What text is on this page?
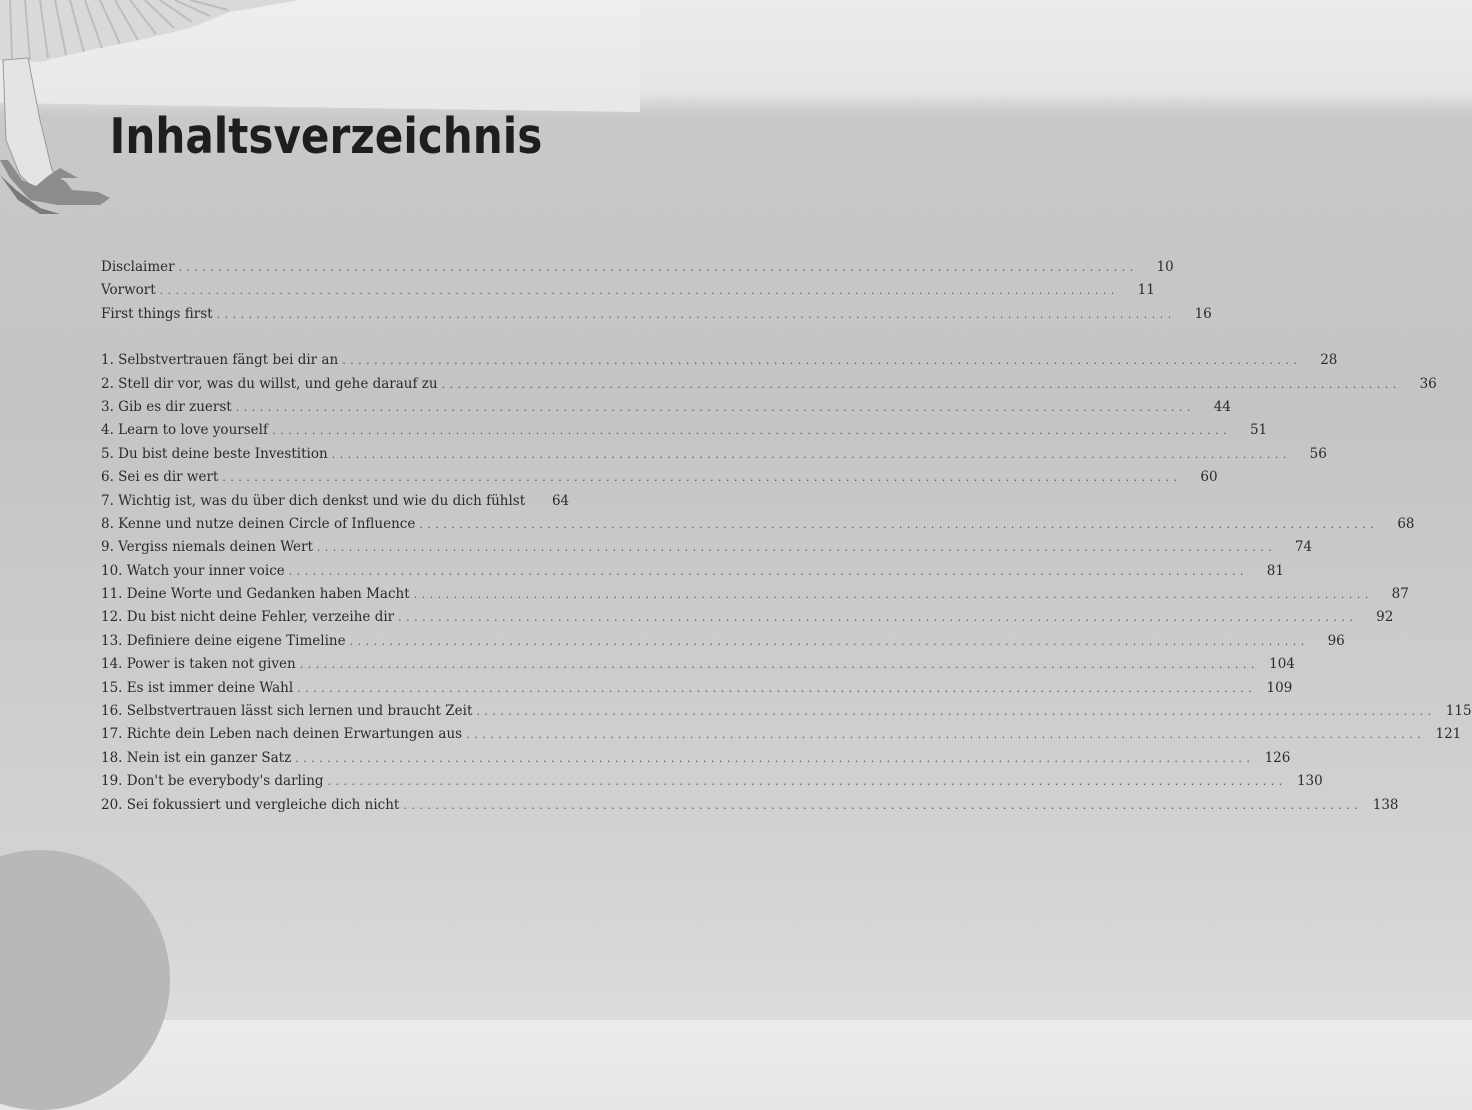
Inhaltsverzeichnis
Disclaimer . . . . . . . . . . . . . . . . . . . . . . . . . . . . . . . . . . . . . . . . . . . . . . . . . . . . . . . . . . . . . . . . . . . . . . . . . . . . . . . . . . . . . . . . . . . . . . . . . . . . . . . . . . . . . . . . . . . . . . . .	10
Vorwort . . . . . . . . . . . . . . . . . . . . . . . . . . . . . . . . . . . . . . . . . . . . . . . . . . . . . . . . . . . . . . . . . . . . . . . . . . . . . . . . . . . . . . . . . . . . . . . . . . . . . . . . . . . . . . . . . . . . . . . .	11
First things first . . . . . . . . . . . . . . . . . . . . . . . . . . . . . . . . . . . . . . . . . . . . . . . . . . . . . . . . . . . . . . . . . . . . . . . . . . . . . . . . . . . . . . . . . . . . . . . . . . . . . . . . . . . . . . . . . . . . . . . .	16
1. Selbstvertrauen fängt bei dir an . . . . . . . . . . . . . . . . . . . . . . . . . . . . . . . . . . . . . . . . . . . . . . . . . . . . . . . . . . . . . . . . . . . . . . . . . . . . . . . . . . . . . . . . . . . . . . . . . . . . . . . . . . . . . . . . . . . . . . . .	28
2. Stell dir vor, was du willst, und gehe darauf zu . . . . . . . . . . . . . . . . . . . . . . . . . . . . . . . . . . . . . . . . . . . . . . . . . . . . . . . . . . . . . . . . . . . . . . . . . . . . . . . . . . . . . . . . . . . . . . . . . . . . . . . . . . . . . . . . . . . . . . . .	36
3. Gib es dir zuerst . . . . . . . . . . . . . . . . . . . . . . . . . . . . . . . . . . . . . . . . . . . . . . . . . . . . . . . . . . . . . . . . . . . . . . . . . . . . . . . . . . . . . . . . . . . . . . . . . . . . . . . . . . . . . . . . . . . . . . . .	44
4. Learn to love yourself . . . . . . . . . . . . . . . . . . . . . . . . . . . . . . . . . . . . . . . . . . . . . . . . . . . . . . . . . . . . . . . . . . . . . . . . . . . . . . . . . . . . . . . . . . . . . . . . . . . . . . . . . . . . . . . . . . . . . . . .	51
5. Du bist deine beste Investition . . . . . . . . . . . . . . . . . . . . . . . . . . . . . . . . . . . . . . . . . . . . . . . . . . . . . . . . . . . . . . . . . . . . . . . . . . . . . . . . . . . . . . . . . . . . . . . . . . . . . . . . . . . . . . . . . . . . . . . .	56
6. Sei es dir wert . . . . . . . . . . . . . . . . . . . . . . . . . . . . . . . . . . . . . . . . . . . . . . . . . . . . . . . . . . . . . . . . . . . . . . . . . . . . . . . . . . . . . . . . . . . . . . . . . . . . . . . . . . . . . . . . . . . . . . . .	60
7. Wichtig ist, was du über dich denkst und wie du dich fühlst	64
8. Kenne und nutze deinen Circle of Influence . . . . . . . . . . . . . . . . . . . . . . . . . . . . . . . . . . . . . . . . . . . . . . . . . . . . . . . . . . . . . . . . . . . . . . . . . . . . . . . . . . . . . . . . . . . . . . . . . . . . . . . . . . . . . . . . . . . . . . . .	68
9. Vergiss niemals deinen Wert . . . . . . . . . . . . . . . . . . . . . . . . . . . . . . . . . . . . . . . . . . . . . . . . . . . . . . . . . . . . . . . . . . . . . . . . . . . . . . . . . . . . . . . . . . . . . . . . . . . . . . . . . . . . . . . . . . . . . . . .	74
10. Watch your inner voice . . . . . . . . . . . . . . . . . . . . . . . . . . . . . . . . . . . . . . . . . . . . . . . . . . . . . . . . . . . . . . . . . . . . . . . . . . . . . . . . . . . . . . . . . . . . . . . . . . . . . . . . . . . . . . . . . . . . . . . .	81
11. Deine Worte und Gedanken haben Macht . . . . . . . . . . . . . . . . . . . . . . . . . . . . . . . . . . . . . . . . . . . . . . . . . . . . . . . . . . . . . . . . . . . . . . . . . . . . . . . . . . . . . . . . . . . . . . . . . . . . . . . . . . . . . . . . . . . . . . . .	87
12. Du bist nicht deine Fehler, verzeihe dir . . . . . . . . . . . . . . . . . . . . . . . . . . . . . . . . . . . . . . . . . . . . . . . . . . . . . . . . . . . . . . . . . . . . . . . . . . . . . . . . . . . . . . . . . . . . . . . . . . . . . . . . . . . . . . . . . . . . . . . .	92
13. Definiere deine eigene Timeline . . . . . . . . . . . . . . . . . . . . . . . . . . . . . . . . . . . . . . . . . . . . . . . . . . . . . . . . . . . . . . . . . . . . . . . . . . . . . . . . . . . . . . . . . . . . . . . . . . . . . . . . . . . . . . . . . . . . . . . .	96
14. Power is taken not given . . . . . . . . . . . . . . . . . . . . . . . . . . . . . . . . . . . . . . . . . . . . . . . . . . . . . . . . . . . . . . . . . . . . . . . . . . . . . . . . . . . . . . . . . . . . . . . . . . . . . . . . . . . . . . . . . . . . . . . .	104
15. Es ist immer deine Wahl . . . . . . . . . . . . . . . . . . . . . . . . . . . . . . . . . . . . . . . . . . . . . . . . . . . . . . . . . . . . . . . . . . . . . . . . . . . . . . . . . . . . . . . . . . . . . . . . . . . . . . . . . . . . . . . . . . . . . . . .	109
16. Selbstvertrauen lässt sich lernen und braucht Zeit . . . . . . . . . . . . . . . . . . . . . . . . . . . . . . . . . . . . . . . . . . . . . . . . . . . . . . . . . . . . . . . . . . . . . . . . . . . . . . . . . . . . . . . . . . . . . . . . . . . . . . . . . . . . . . . . . . . . . . . .	115
17. Richte dein Leben nach deinen Erwartungen aus . . . . . . . . . . . . . . . . . . . . . . . . . . . . . . . . . . . . . . . . . . . . . . . . . . . . . . . . . . . . . . . . . . . . . . . . . . . . . . . . . . . . . . . . . . . . . . . . . . . . . . . . . . . . . . . . . . . . . . . .	121
18. Nein ist ein ganzer Satz . . . . . . . . . . . . . . . . . . . . . . . . . . . . . . . . . . . . . . . . . . . . . . . . . . . . . . . . . . . . . . . . . . . . . . . . . . . . . . . . . . . . . . . . . . . . . . . . . . . . . . . . . . . . . . . . . . . . . . . .	126
19. Don't be everybody's darling . . . . . . . . . . . . . . . . . . . . . . . . . . . . . . . . . . . . . . . . . . . . . . . . . . . . . . . . . . . . . . . . . . . . . . . . . . . . . . . . . . . . . . . . . . . . . . . . . . . . . . . . . . . . . . . . . . . . . . . .	130
20. Sei fokussiert und vergleiche dich nicht . . . . . . . . . . . . . . . . . . . . . . . . . . . . . . . . . . . . . . . . . . . . . . . . . . . . . . . . . . . . . . . . . . . . . . . . . . . . . . . . . . . . . . . . . . . . . . . . . . . . . . . . . . . . . . . . . . . . . . . .	138
